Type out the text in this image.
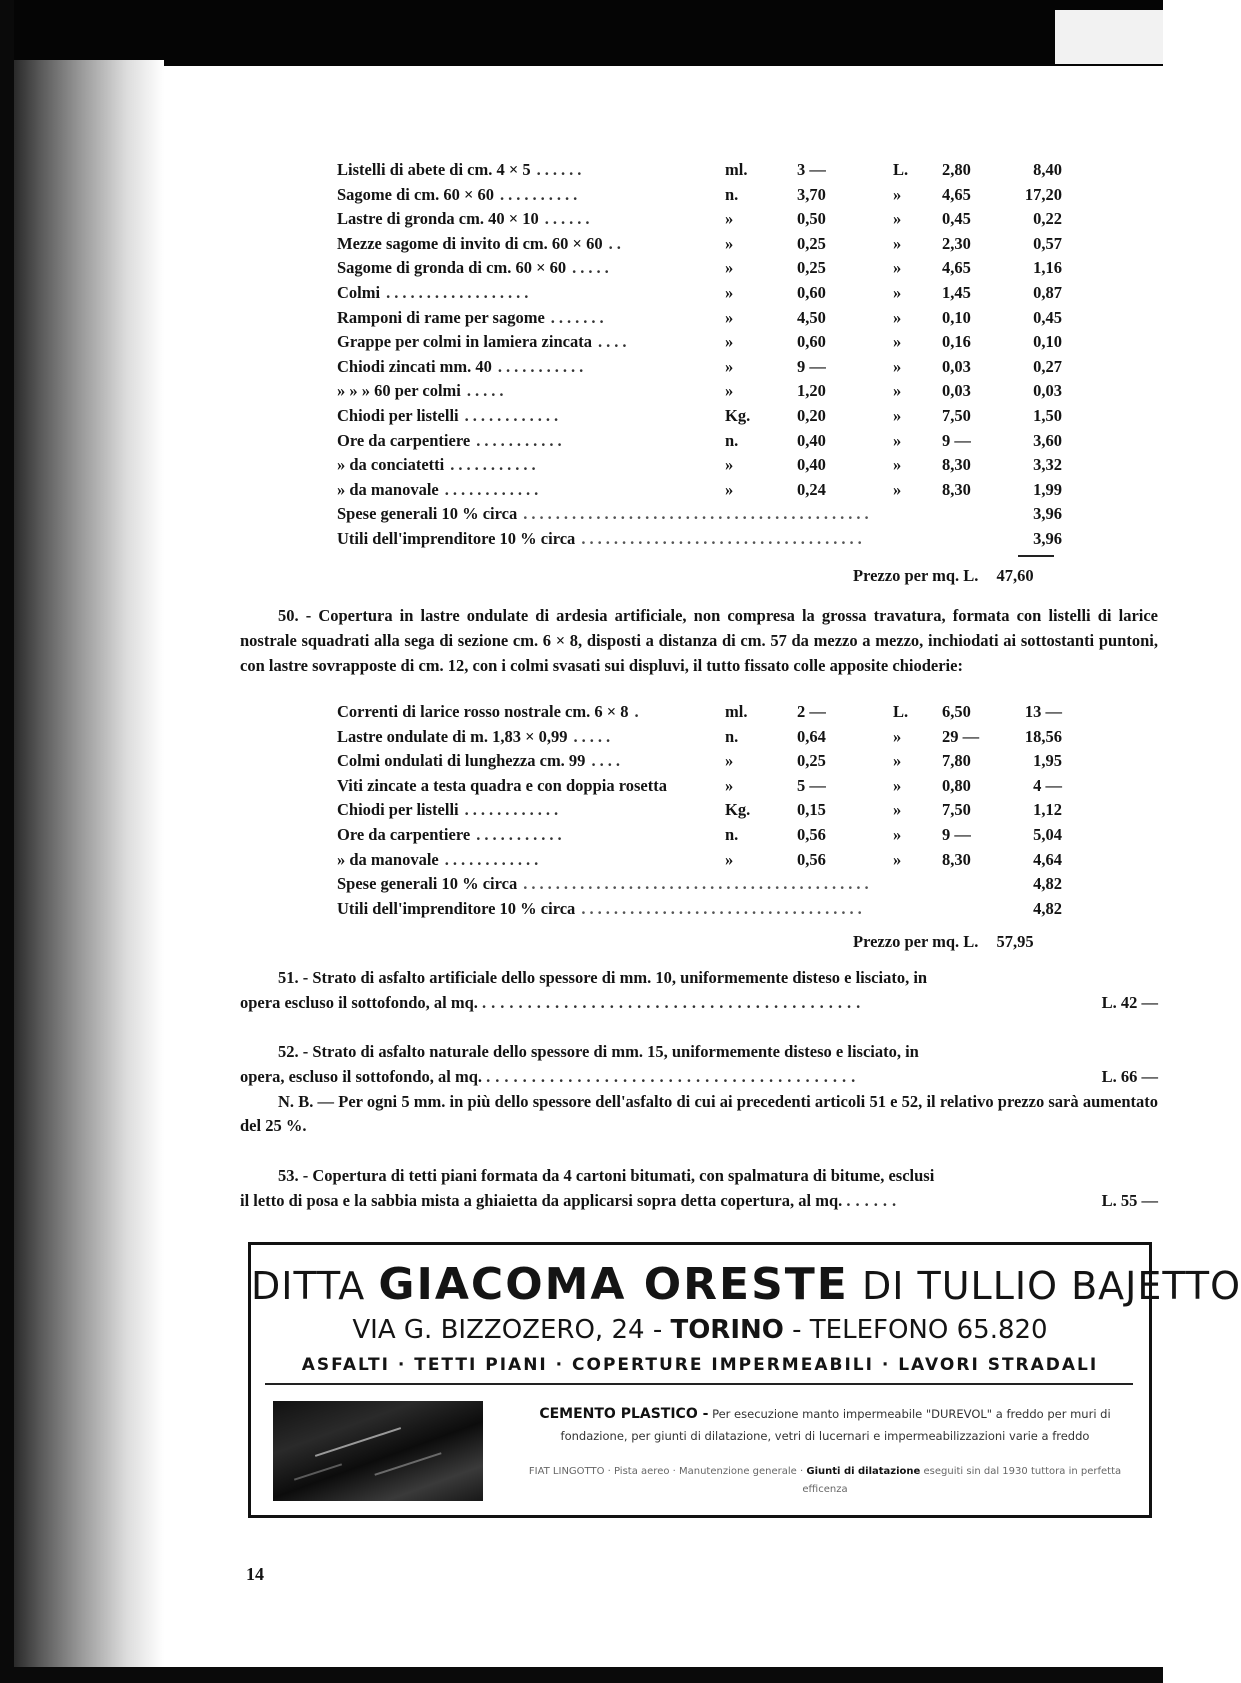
Listelli di abete di cm. 4 × 5 ......	ml.	3 —	L. 2,80	8,40
Sagome di cm. 60 × 60 ..........	n.	3,70	» 4,65	17,20
Lastre di gronda cm. 40 × 10 ......	»	0,50	» 0,45	0,22
Mezze sagome di invito di cm. 60 × 60 ..	»	0,25	» 2,30	0,57
Sagome di gronda di cm. 60 × 60 .....	»	0,25	» 4,65	1,16
Colmi ..................	»	0,60	» 1,45	0,87
Ramponi di rame per sagome .......	»	4,50	» 0,10	0,45
Grappe per colmi in lamiera zincata ....	»	0,60	» 0,16	0,10
Chiodi zincati mm. 40 ...........	»	9 —	» 0,03	0,27
» » » 60 per colmi .....	»	1,20	» 0,03	0,03
Chiodi per listelli ............	Kg.	0,20	» 7,50	1,50
Ore da carpentiere ...........	n.	0,40	» 9 —	3,60
» da conciatetti ...........	»	0,40	» 8,30	3,32
» da manovale ............	»	0,24	» 8,30	1,99
Spese generali 10 % circa ...........................................	3,96
Utili dell'imprenditore 10 % circa ...................................	3,96
Prezzo per mq. L. 47,60

50. - Copertura in lastre ondulate di ardesia artificiale, non compresa la grossa travatura, formata con listelli di larice nostrale squadrati alla sega di sezione cm. 6 × 8, disposti a distanza di cm. 57 da mezzo a mezzo, inchiodati ai sottostanti puntoni, con lastre sovrapposte di cm. 12, con i colmi svasati sui displuvi, il tutto fissato colle apposite chioderie:

Correnti di larice rosso nostrale cm. 6 × 8 .	ml.	2 —	L. 6,50	13 —
Lastre ondulate di m. 1,83 × 0,99 .....	n.	0,64	» 29 —	18,56
Colmi ondulati di lunghezza cm. 99 ....	»	0,25	» 7,80	1,95
Viti zincate a testa quadra e con doppia rosetta	»	5 —	» 0,80	4 —
Chiodi per listelli ............	Kg.	0,15	» 7,50	1,12
Ore da carpentiere ...........	n.	0,56	» 9 —	5,04
» da manovale ............	»	0,56	» 8,30	4,64
Spese generali 10 % circa ...........................................	4,82
Utili dell'imprenditore 10 % circa ...................................	4,82
Prezzo per mq. L. 57,95

51. - Strato di asfalto artificiale dello spessore di mm. 10, uniformemente disteso e lisciato, in

opera escluso il sottofondo, al mq. ..........................................	L. 42 —

52. - Strato di asfalto naturale dello spessore di mm. 15, uniformemente disteso e lisciato, in

opera, escluso il sottofondo, al mq. .........................................	L. 66 —

N. B. — Per ogni 5 mm. in più dello spessore dell'asfalto di cui ai precedenti articoli 51 e 52, il relativo prezzo sarà aumentato del 25 %.

53. - Copertura di tetti piani formata da 4 cartoni bitumati, con spalmatura di bitume, esclusi

il letto di posa e la sabbia mista a ghiaietta da applicarsi sopra detta copertura, al mq. ......	L. 55 —
DITTA GIACOMA ORESTE DI TULLIO BAJETTO
VIA G. BIZZOZERO, 24 - TORINO - TELEFONO 65.820
ASFALTI · TETTI PIANI · COPERTURE IMPERMEABILI · LAVORI STRADALI
CEMENTO PLASTICO - Per esecuzione manto impermeabile "DUREVOL" a freddo per muri di fondazione, per giunti di dilatazione, vetri di lucernari e impermeabilizzazioni varie a freddo
FIAT LINGOTTO · Pista aereo · Manutenzione generale · Giunti di dilatazione eseguiti sin dal 1930 tuttora in perfetta efficenza
14
